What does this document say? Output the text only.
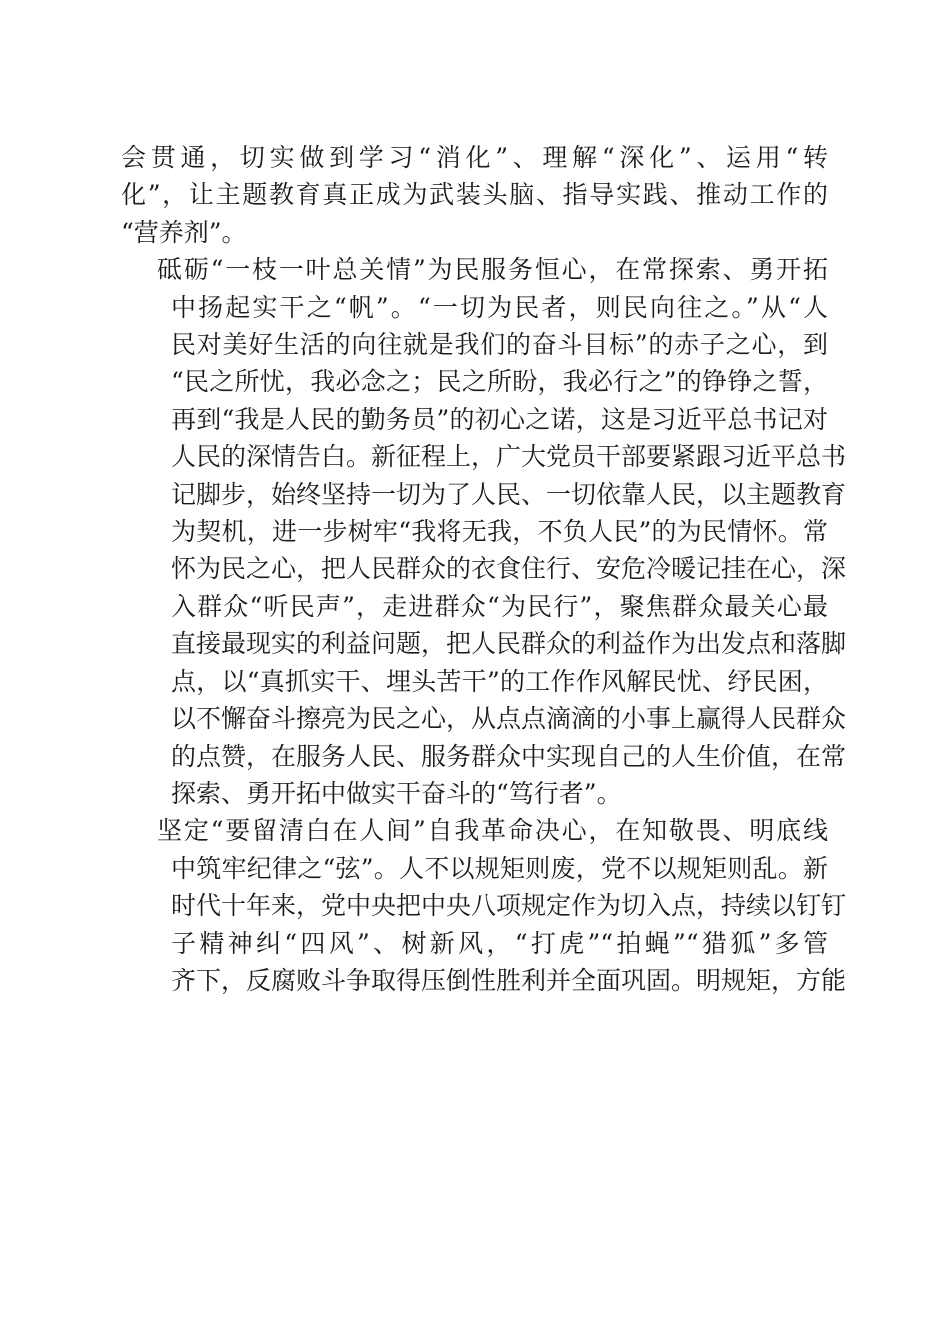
会贯通，切实做到学习“消化”、理解“深化”、运用“转
化”，让主题教育真正成为武装头脑、指导实践、推动工作的
“营养剂”。
砥砺“一枝一叶总关情”为民服务恒心，在常探索、勇开拓
中扬起实干之“帆”。“一切为民者，则民向往之。”从“人
民对美好生活的向往就是我们的奋斗目标”的赤子之心，到
“民之所忧，我必念之；民之所盼，我必行之”的铮铮之誓，
再到“我是人民的勤务员”的初心之诺，这是习近平总书记对
人民的深情告白。新征程上，广大党员干部要紧跟习近平总书
记脚步，始终坚持一切为了人民、一切依靠人民，以主题教育
为契机，进一步树牢“我将无我，不负人民”的为民情怀。常
怀为民之心，把人民群众的衣食住行、安危冷暖记挂在心，深
入群众“听民声”，走进群众“为民行”，聚焦群众最关心最
直接最现实的利益问题，把人民群众的利益作为出发点和落脚
点，以“真抓实干、埋头苦干”的工作作风解民忧、纾民困，
以不懈奋斗擦亮为民之心，从点点滴滴的小事上赢得人民群众
的点赞，在服务人民、服务群众中实现自己的人生价值，在常
探索、勇开拓中做实干奋斗的“笃行者”。
坚定“要留清白在人间”自我革命决心，在知敬畏、明底线
中筑牢纪律之“弦”。人不以规矩则废，党不以规矩则乱。新
时代十年来，党中央把中央八项规定作为切入点，持续以钉钉
子精神纠“四风”、树新风，“打虎”“拍蝇”“猎狐”多管
齐下，反腐败斗争取得压倒性胜利并全面巩固。明规矩，方能
